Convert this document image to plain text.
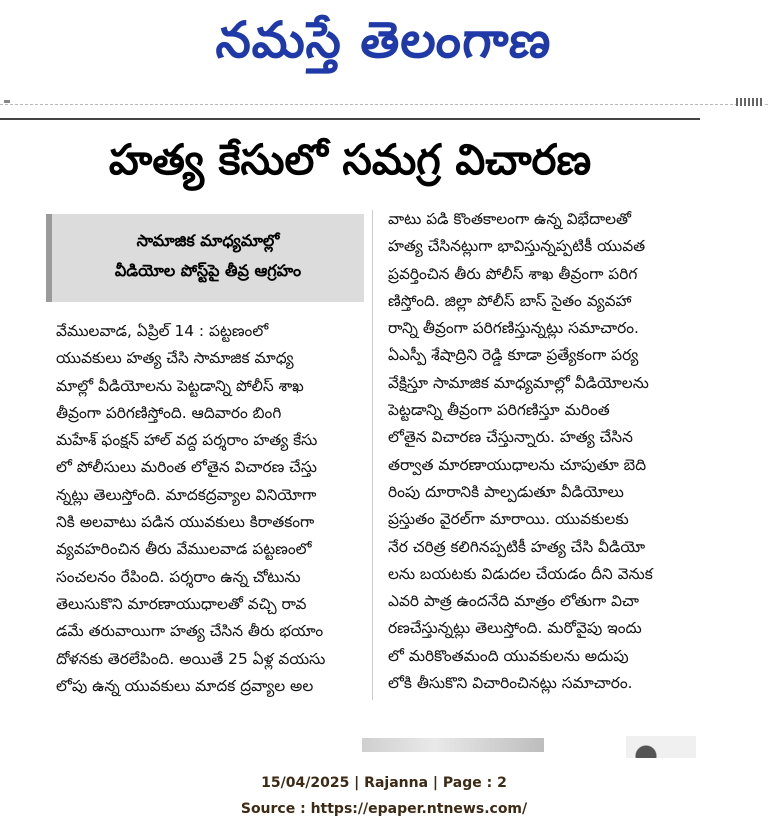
నమస్తే తెలంగాణ
హత్య కేసులో సమగ్ర విచారణ
సామాజిక మాధ్యమాల్లో
వీడియోల పోస్ట్‌పై తీవ్ర ఆగ్రహం
వేములవాడ, ఏప్రిల్ 14 : పట్టణంలో
యువకులు హత్య చేసి సామాజిక మాధ్య
మాల్లో వీడియోలను పెట్టడాన్ని పోలీస్ శాఖ
తీవ్రంగా పరిగణిస్తోంది. ఆదివారం బింగి
మహేశ్ ఫంక్షన్ హాల్ వద్ద పర్శరాం హత్య కేసు
లో పోలీసులు మరింత లోతైన విచారణ చేస్తు
న్నట్లు తెలుస్తోంది. మాదకద్రవ్యాల వినియోగా
నికి అలవాటు పడిన యువకులు కిరాతకంగా
వ్యవహరించిన తీరు వేములవాడ పట్టణంలో
సంచలనం రేపింది. పర్శరాం ఉన్న చోటును
తెలుసుకొని మారణాయుధాలతో వచ్చి రావ
డమే తరువాయిగా హత్య చేసిన తీరు భయాం
దోళనకు తెరలేపింది. అయితే 25 ఏళ్ల వయసు
లోపు ఉన్న యువకులు మాదక ద్రవ్యాల అల
వాటు పడి కొంతకాలంగా ఉన్న విభేదాలతో
హత్య చేసినట్లుగా భావిస్తున్నప్పటికీ యువత
ప్రవర్తించిన తీరు పోలీస్ శాఖ తీవ్రంగా పరిగ
ణిస్తోంది. జిల్లా పోలీస్ బాస్ సైతం వ్యవహా
రాన్ని తీవ్రంగా పరిగణిస్తున్నట్లు సమాచారం.
ఏఎస్పీ శేషాద్రిని రెడ్డి కూడా ప్రత్యేకంగా పర్య
వేక్షిస్తూ సామాజిక మాధ్యమాల్లో వీడియోలను
పెట్టడాన్ని తీవ్రంగా పరిగణిస్తూ మరింత
లోతైన విచారణ చేస్తున్నారు. హత్య చేసిన
తర్వాత మారణాయుధాలను చూపుతూ బెది
రింపు దూరానికి పాల్పడుతూ వీడియోలు
ప్రస్తుతం వైరల్‌గా మారాయి. యువకులకు
నేర చరిత్ర కలిగినప్పటికీ హత్య చేసి వీడియో
లను బయటకు విడుదల చేయడం దీని వెనుక
ఎవరి పాత్ర ఉందనేది మాత్రం లోతుగా విచా
రణచేస్తున్నట్లు తెలుస్తోంది. మరోవైపు ఇందు
లో మరికొంతమంది యువకులను అదుపు
లోకి తీసుకొని విచారించినట్లు సమాచారం.
15/04/2025 | Rajanna | Page : 2
Source : https://epaper.ntnews.com/
